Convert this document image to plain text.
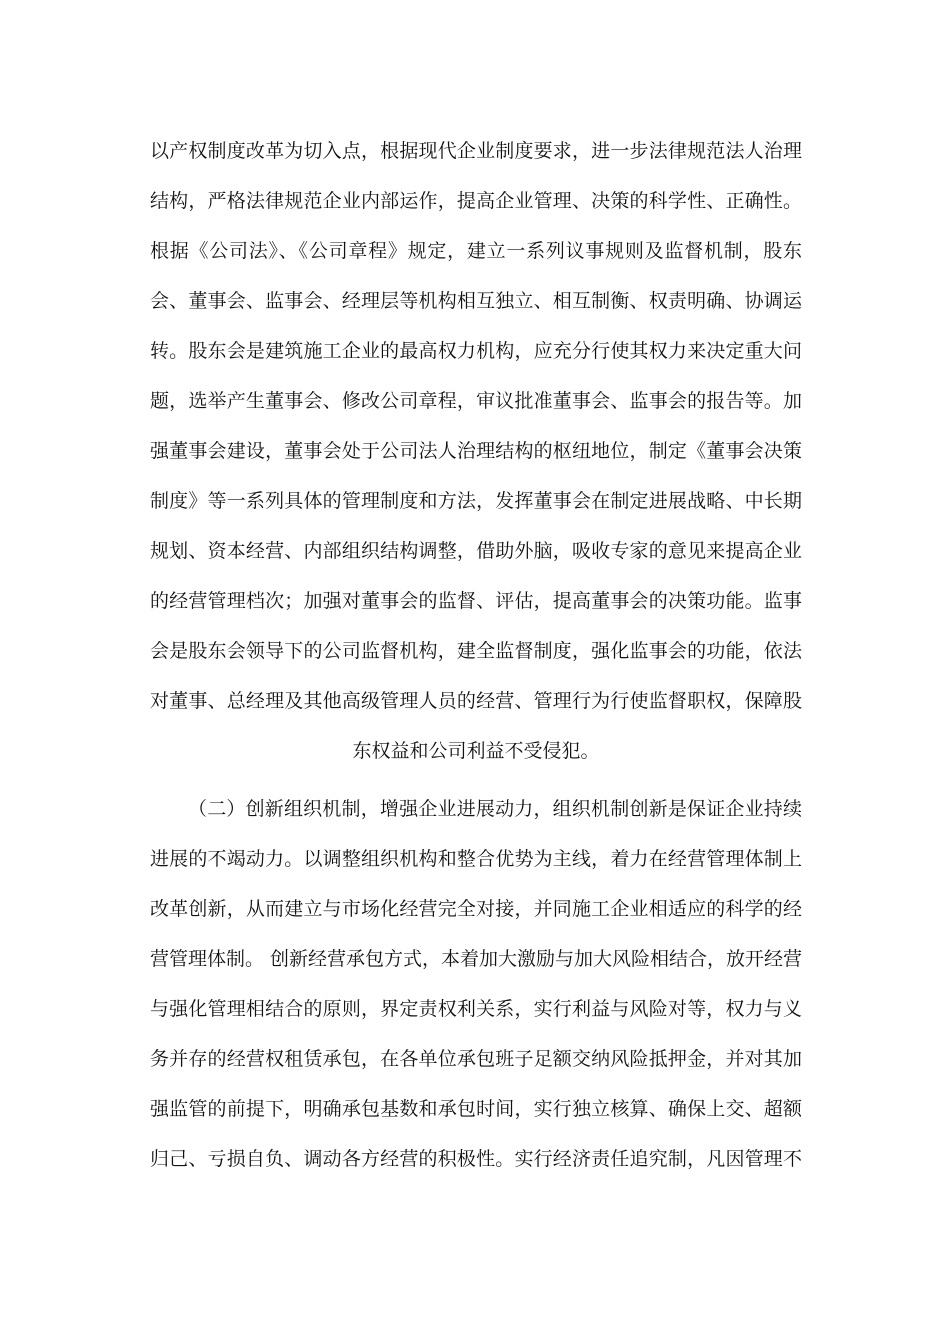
以产权制度改革为切入点，根据现代企业制度要求，进一步法律规范法人治理
结构，严格法律规范企业内部运作，提高企业管理、决策的科学性、正确性。
根据《公司法》、《公司章程》规定，建立一系列议事规则及监督机制，股东
会、董事会、监事会、经理层等机构相互独立、相互制衡、权责明确、协调运
转。股东会是建筑施工企业的最高权力机构，应充分行使其权力来决定重大问
题，选举产生董事会、修改公司章程，审议批准董事会、监事会的报告等。加
强董事会建设，董事会处于公司法人治理结构的枢纽地位，制定《董事会决策
制度》等一系列具体的管理制度和方法，发挥董事会在制定进展战略、中长期
规划、资本经营、内部组织结构调整，借助外脑，吸收专家的意见来提高企业
的经营管理档次；加强对董事会的监督、评估，提高董事会的决策功能。监事
会是股东会领导下的公司监督机构，建全监督制度，强化监事会的功能，依法
对董事、总经理及其他高级管理人员的经营、管理行为行使监督职权，保障股
东权益和公司利益不受侵犯。
（二）创新组织机制，增强企业进展动力，组织机制创新是保证企业持续
进展的不竭动力。以调整组织机构和整合优势为主线，着力在经营管理体制上
改革创新，从而建立与市场化经营完全对接，并同施工企业相适应的科学的经
营管理体制。 创新经营承包方式，本着加大激励与加大风险相结合，放开经营
与强化管理相结合的原则，界定责权利关系，实行利益与风险对等，权力与义
务并存的经营权租赁承包，在各单位承包班子足额交纳风险抵押金，并对其加
强监管的前提下，明确承包基数和承包时间，实行独立核算、确保上交、超额
归己、亏损自负、调动各方经营的积极性。实行经济责任追究制，凡因管理不
